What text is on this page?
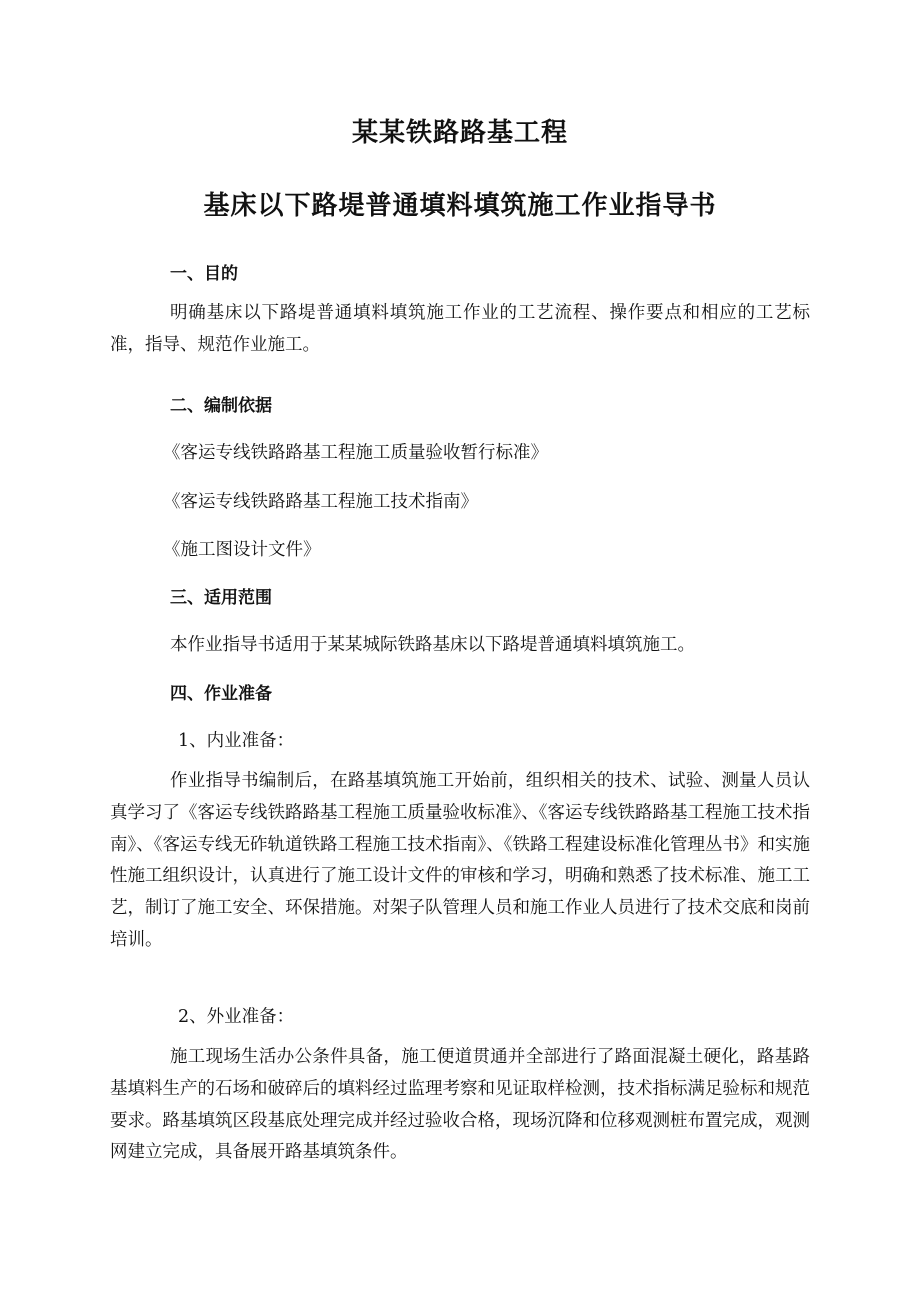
某某铁路路基工程
基床以下路堤普通填料填筑施工作业指导书
一、目的
明确基床以下路堤普通填料填筑施工作业的工艺流程、操作要点和相应的工艺标准，指导、规范作业施工。
二、编制依据
《客运专线铁路路基工程施工质量验收暂行标准》
《客运专线铁路路基工程施工技术指南》
《施工图设计文件》
三、适用范围
本作业指导书适用于某某城际铁路基床以下路堤普通填料填筑施工。
四、作业准备
1、内业准备：
作业指导书编制后，在路基填筑施工开始前，组织相关的技术、试验、测量人员认真学习了《客运专线铁路路基工程施工质量验收标准》、《客运专线铁路路基工程施工技术指南》、《客运专线无砟轨道铁路工程施工技术指南》、《铁路工程建设标准化管理丛书》和实施性施工组织设计，认真进行了施工设计文件的审核和学习，明确和熟悉了技术标准、施工工艺，制订了施工安全、环保措施。对架子队管理人员和施工作业人员进行了技术交底和岗前培训。
2、外业准备：
施工现场生活办公条件具备，施工便道贯通并全部进行了路面混凝土硬化，路基路基填料生产的石场和破碎后的填料经过监理考察和见证取样检测，技术指标满足验标和规范要求。路基填筑区段基底处理完成并经过验收合格，现场沉降和位移观测桩布置完成，观测网建立完成，具备展开路基填筑条件。
